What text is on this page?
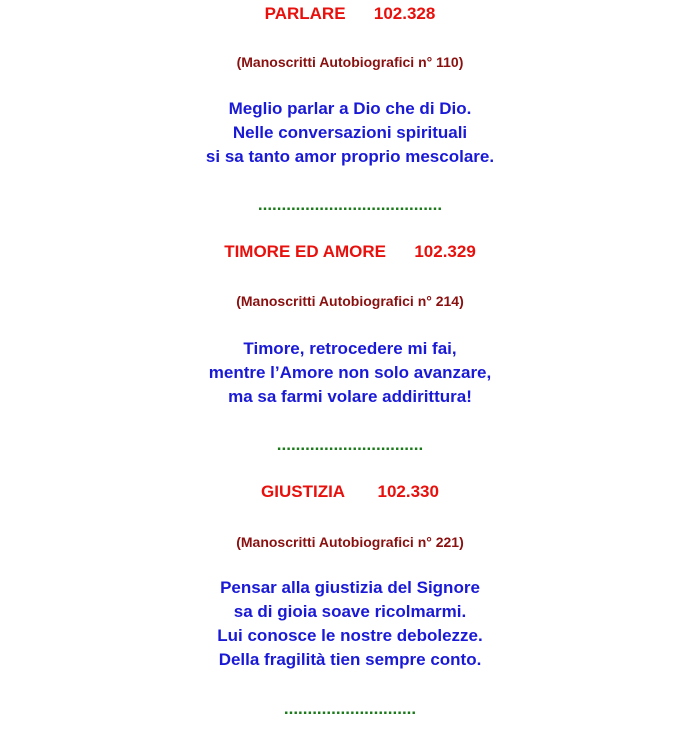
PARLARE      102.328
(Manoscritti Autobiografici n° 110)
Meglio parlar a Dio che di Dio.
Nelle conversazioni spirituali
si sa tanto amor proprio mescolare.
.......................................
TIMORE ED AMORE      102.329
(Manoscritti Autobiografici n° 214)
Timore, retrocedere mi fai,
mentre l’Amore non solo avanzare,
ma sa farmi volare addirittura!
...............................
GIUSTIZIA       102.330
(Manoscritti Autobiografici n° 221)
Pensar alla giustizia del Signore
sa di gioia soave ricolmarmi.
Lui conosce le nostre debolezze.
Della fragilità tien sempre conto.
............................
